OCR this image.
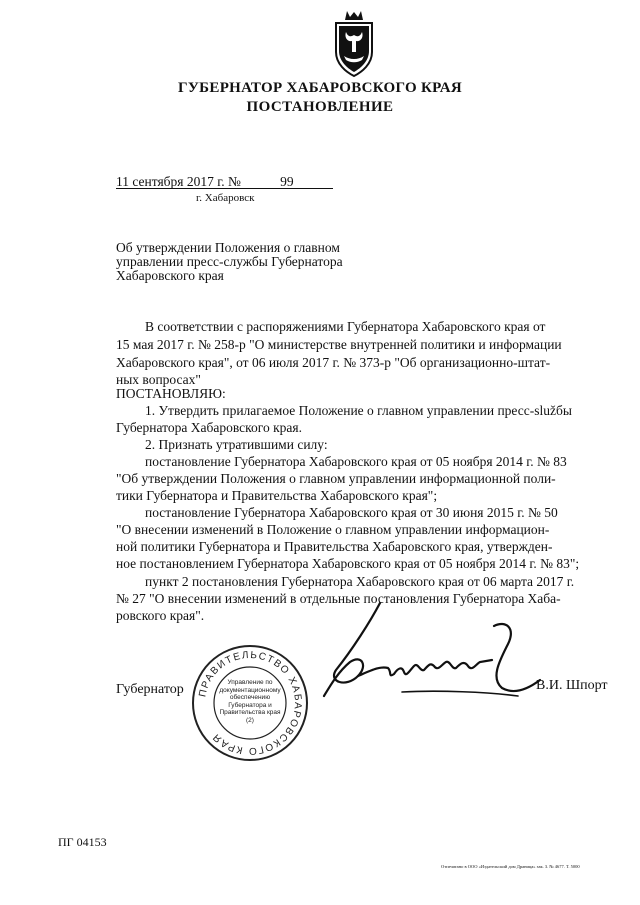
ГУБЕРНАТОР ХАБАРОВСКОГО КРАЯ
ПОСТАНОВЛЕНИЕ
11 сентября 2017 г. №	99
г. Хабаровск
Об утверждении Положения о главном управлении пресс-службы Губернатора Хабаровского края
В соответствии с распоряжениями Губернатора Хабаровского края от
15 мая 2017 г. № 258-р "О министерстве внутренней политики и информации
Хабаровского края", от 06 июля 2017 г. № 373-р "Об организационно-штат-
ных вопросах"
ПОСТАНОВЛЯЮ:
1. Утвердить прилагаемое Положение о главном управлении пресс-služбы
Губернатора Хабаровского края.
2. Признать утратившими силу:
постановление Губернатора Хабаровского края от 05 ноября 2014 г. № 83
"Об утверждении Положения о главном управлении информационной поли-
тики Губернатора и Правительства Хабаровского края";
постановление Губернатора Хабаровского края от 30 июня 2015 г. № 50
"О внесении изменений в Положение о главном управлении информацион-
ной политики Губернатора и Правительства Хабаровского края, утвержден-
ное постановлением Губернатора Хабаровского края от 05 ноября 2014 г. № 83";
пункт 2 постановления Губернатора Хабаровского края от 06 марта 2017 г.
№ 27 "О внесении изменений в отдельные постановления Губернатора Хаба-
ровского края".
ПРАВИТЕЛЬСТВО ХАБАРОВСКОГО КРАЯ
Управление по документационному обеспечению Губернатора и Правительства края (2)
Губернатор	В.И. Шпорт
ПГ 04153
Отпечатано в ООО «Издательский дом Драница» зак. 3. № 4677. Т. 5000
